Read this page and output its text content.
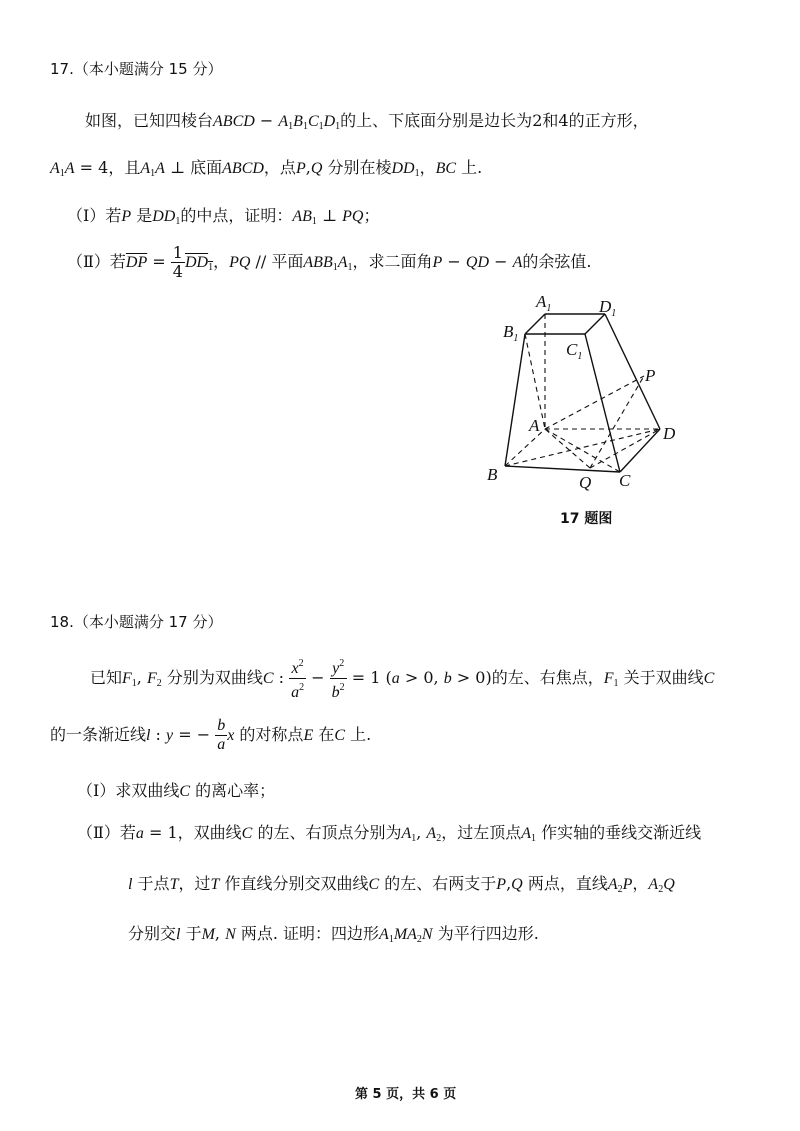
17.（本小题满分 15 分）
如图，已知四棱台ABCD − $A_1B_1C_1D_1$的上、下底面分别是边长为2和4的正方形，
$A_1A = 4$，且$A_1A$ ⊥ 底面ABCD，点P,Q 分别在棱$DD_1$，BC 上.
（Ⅰ）若P 是$DD_1$的中点，证明：$AB_1$ ⊥ PQ；
（Ⅱ）若$\overline{DP} = \frac{1}{4} DD_1$，PQ // 平面$ABB_1A_1$，求二面角P − QD − A的余弦值.
$A_1$	$D_1$
$B_1$
$C_1$
P
A	D
B	Q C
17 题图
18.（本小题满分 17 分）
已知$F_1$, $F_2$ 分别为双曲线C : $\frac{x^2}{a^2} - \frac{y^2}{b^2} = 1$ (a > 0, b > 0)的左、右焦点，$F_1$ 关于双曲线C
的一条渐近线l : y = − $\frac{b}{a}$ x 的对称点E 在C 上.
（Ⅰ）求双曲线C 的离心率；
（Ⅱ）若a = 1，双曲线C 的左、右顶点分别为$A_1$, $A_2$，过左顶点$A_1$ 作实轴的垂线交渐近线
l 于点T，过T 作直线分别交双曲线C 的左、右两支于P,Q 两点，直线$A_2P$，$A_2Q$
分别交l 于M, N 两点. 证明：四边形$A_1MA_2N$ 为平行四边形.
第 5 页，共 6 页
